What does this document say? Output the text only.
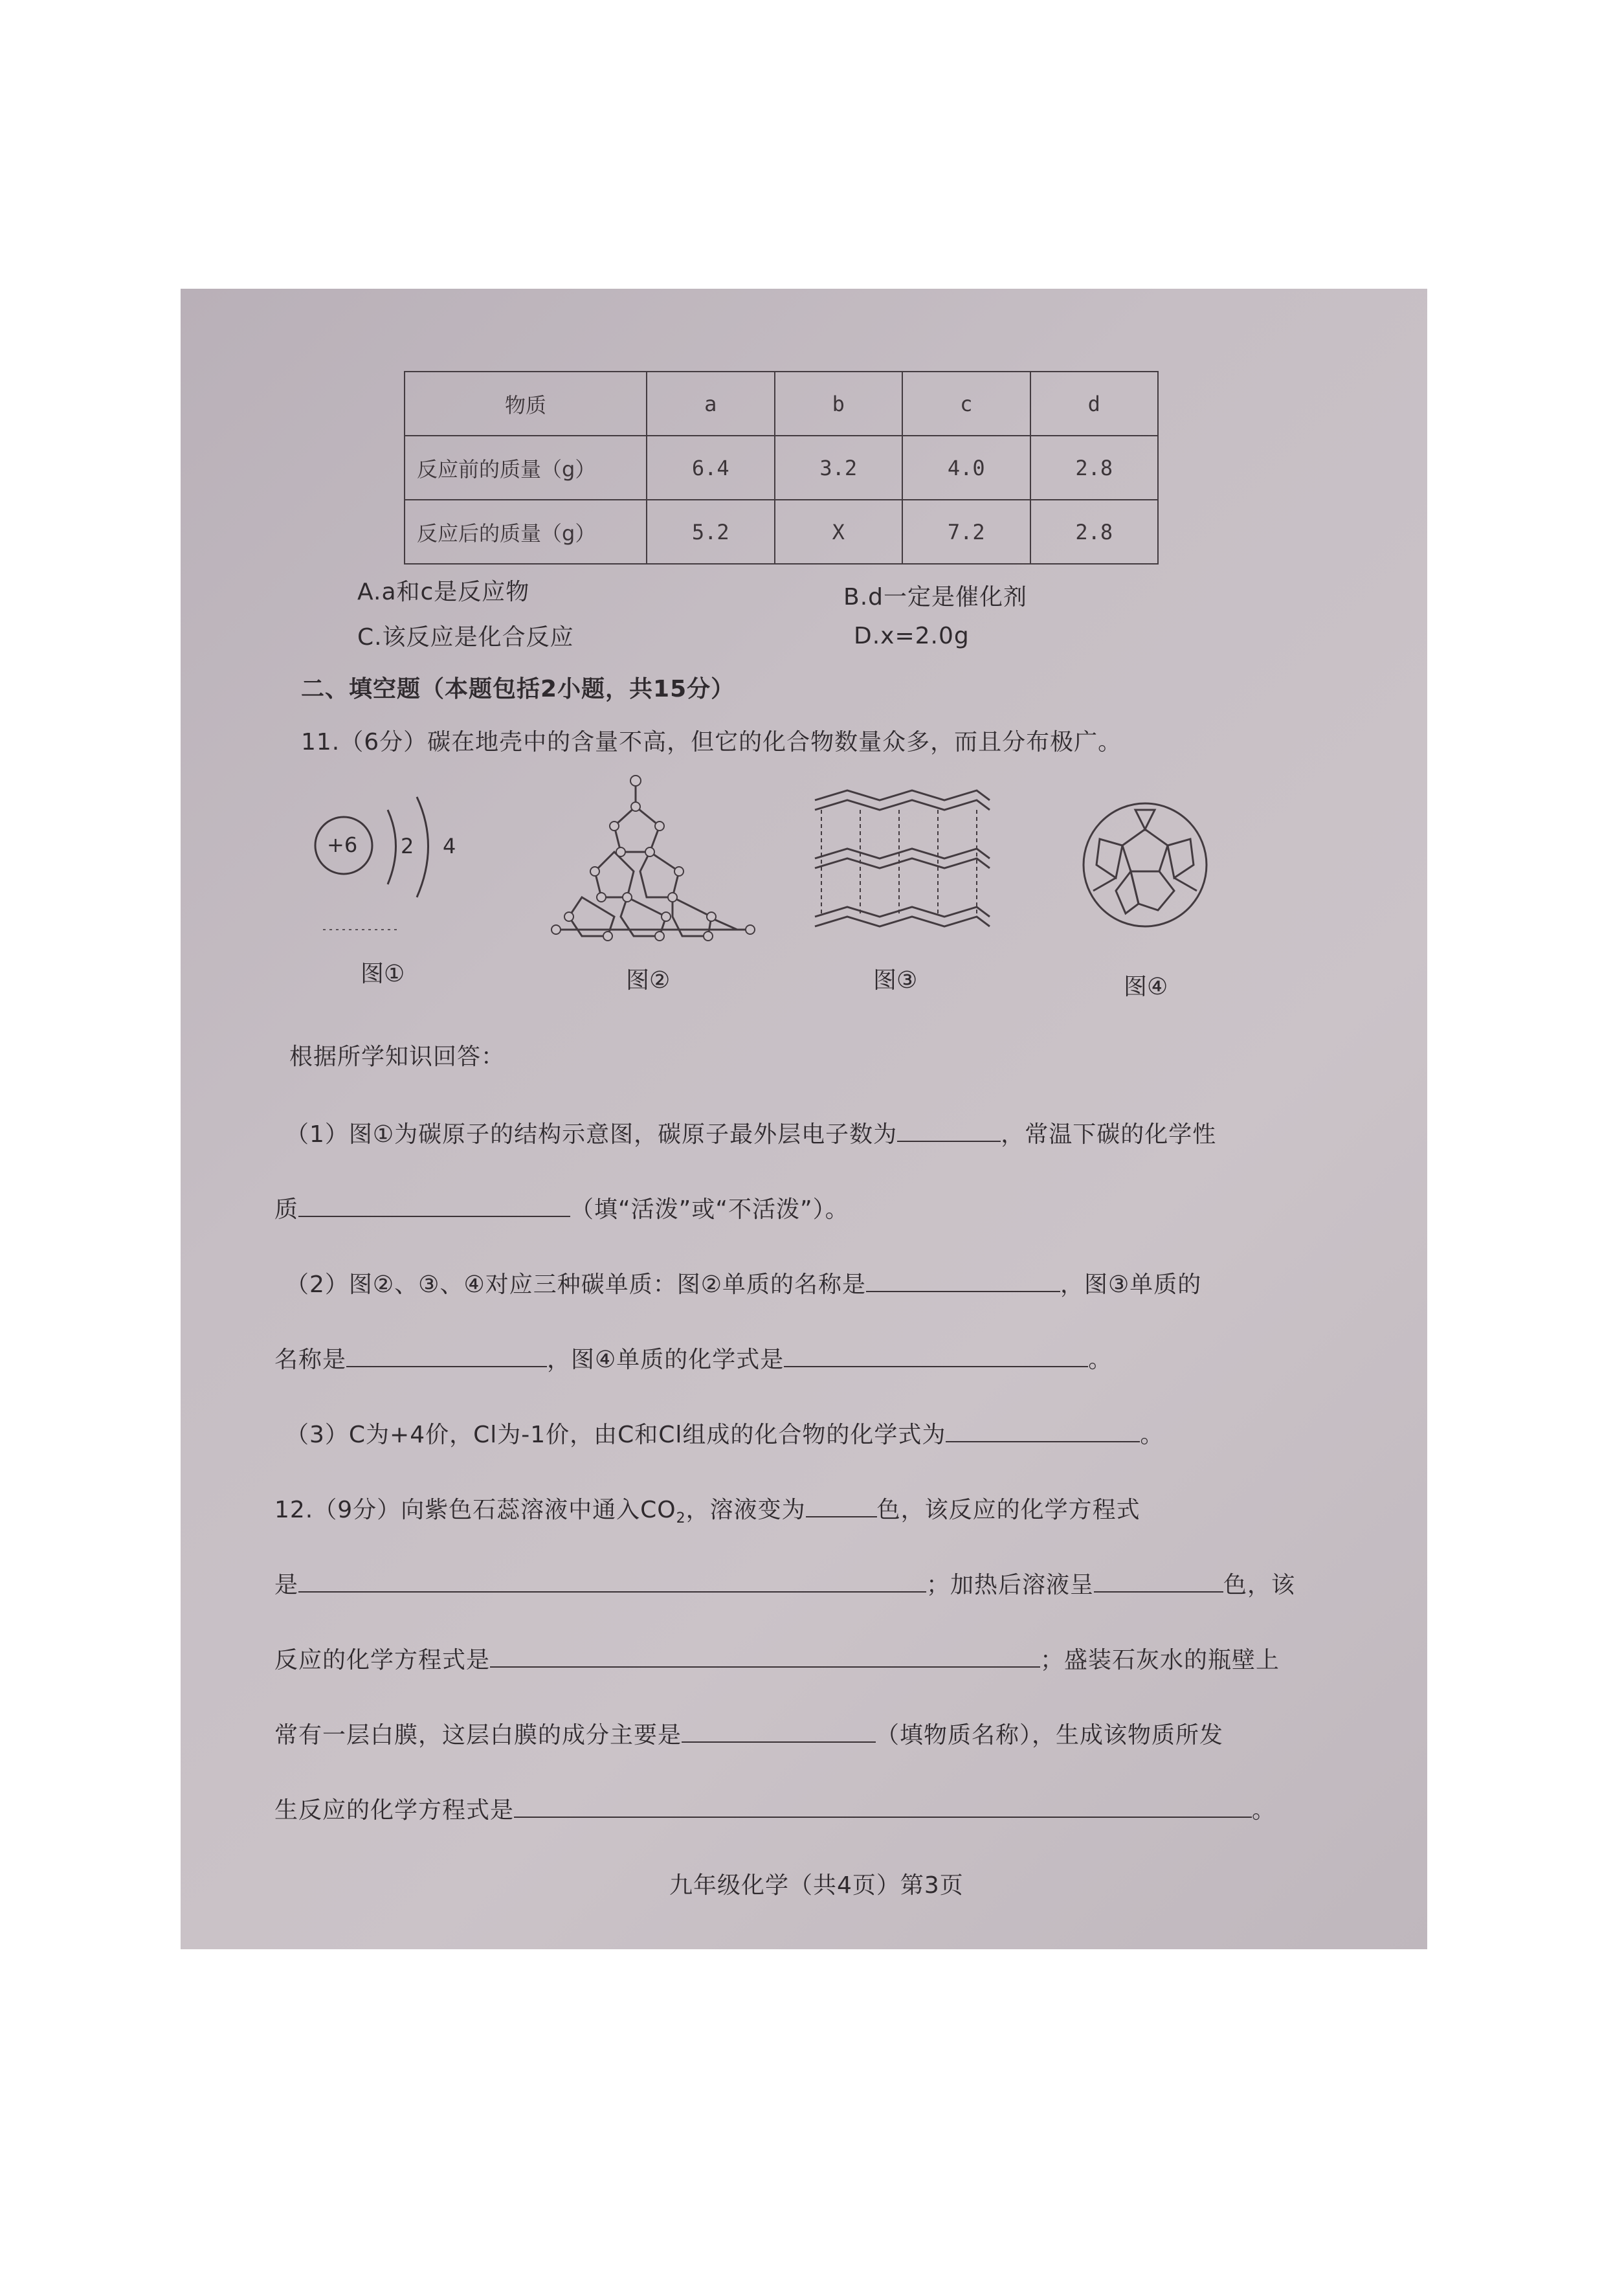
物质	a	b	c	d
反应前的质量（g）	6.4	3.2	4.0	2.8
反应后的质量（g）	5.2	X	7.2	2.8
A.a和c是反应物	B.d一定是催化剂
C.该反应是化合反应	D.x=2.0g
二、填空题（本题包括2小题，共15分）
11.（6分）碳在地壳中的含量不高，但它的化合物数量众多，而且分布极广。
+6 2 4
图①	图②	图③	图④
根据所学知识回答：
（1）图①为碳原子的结构示意图，碳原子最外层电子数为	，常温下碳的化学性
质	（填“活泼”或“不活泼”）。
（2）图②、③、④对应三种碳单质：图②单质的名称是	，图③单质的
名称是	，图④单质的化学式是	。
（3）C为+4价，Cl为-1价，由C和Cl组成的化合物的化学式为	。
12.（9分）向紫色石蕊溶液中通入$CO_2$，溶液变为	色，该反应的化学方程式
是	；加热后溶液呈	色，该
反应的化学方程式是	；盛装石灰水的瓶壁上
常有一层白膜，这层白膜的成分主要是	（填物质名称），生成该物质所发
生反应的化学方程式是	。
九年级化学（共4页）第3页
